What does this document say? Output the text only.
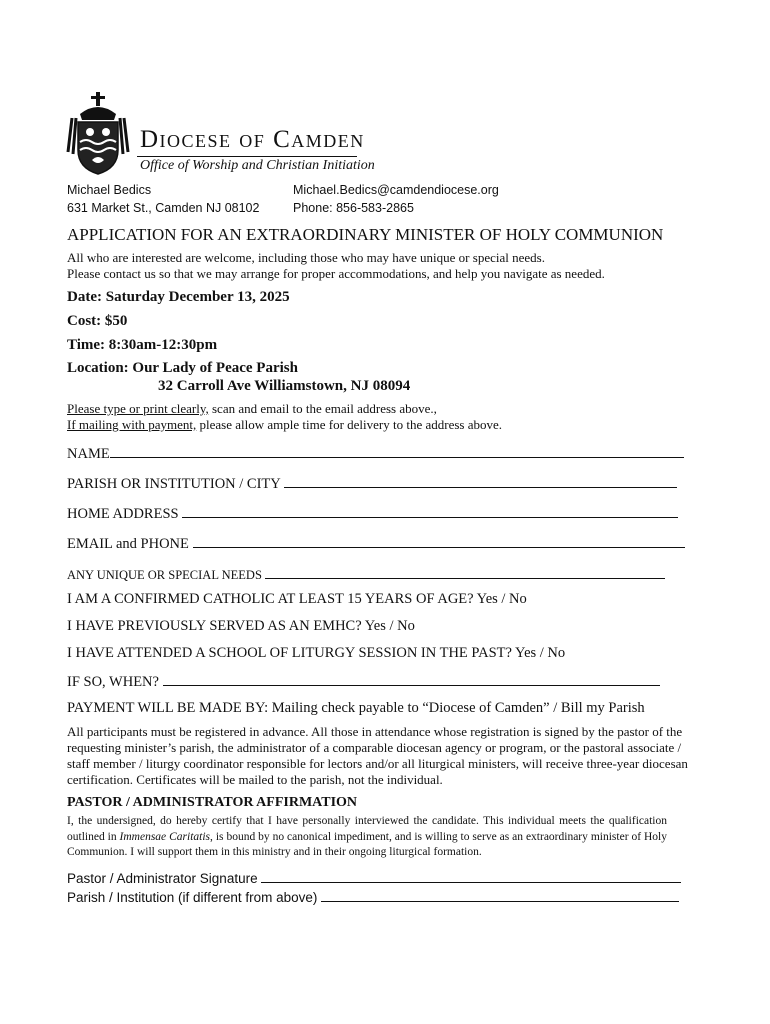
Diocese of Camden
Office of Worship and Christian Initiation
Michael Bedics
631 Market St., Camden NJ 08102
Michael.Bedics@camdendiocese.org
Phone: 856-583-2865
APPLICATION FOR AN EXTRAORDINARY MINISTER OF HOLY COMMUNION
All who are interested are welcome, including those who may have unique or special needs.
Please contact us so that we may arrange for proper accommodations, and help you navigate as needed.
Date: Saturday December 13, 2025
Cost: $50
Time: 8:30am-12:30pm
Location: Our Lady of Peace Parish
32 Carroll Ave Williamstown, NJ 08094
Please type or print clearly, scan and email to the email address above.,
If mailing with payment, please allow ample time for delivery to the address above.
NAME
PARISH OR INSTITUTION / CITY
HOME ADDRESS
EMAIL and PHONE
ANY UNIQUE OR SPECIAL NEEDS
I AM A CONFIRMED CATHOLIC AT LEAST 15 YEARS OF AGE? Yes / No
I HAVE PREVIOUSLY SERVED AS AN EMHC? Yes / No
I HAVE ATTENDED A SCHOOL OF LITURGY SESSION IN THE PAST? Yes / No
IF SO, WHEN?
PAYMENT WILL BE MADE BY: Mailing check payable to “Diocese of Camden” / Bill my Parish
All participants must be registered in advance. All those in attendance whose registration is signed by the pastor of the requesting minister’s parish, the administrator of a comparable diocesan agency or program, or the pastoral associate / staff member / liturgy coordinator responsible for lectors and/or all liturgical ministers, will receive three-year diocesan certification. Certificates will be mailed to the parish, not the individual.
PASTOR / ADMINISTRATOR AFFIRMATION
I, the undersigned, do hereby certify that I have personally interviewed the candidate. This individual meets the qualification outlined in Immensae Caritatis, is bound by no canonical impediment, and is willing to serve as an extraordinary minister of Holy Communion. I will support them in this ministry and in their ongoing liturgical formation.
Pastor / Administrator Signature
Parish / Institution (if different from above)
